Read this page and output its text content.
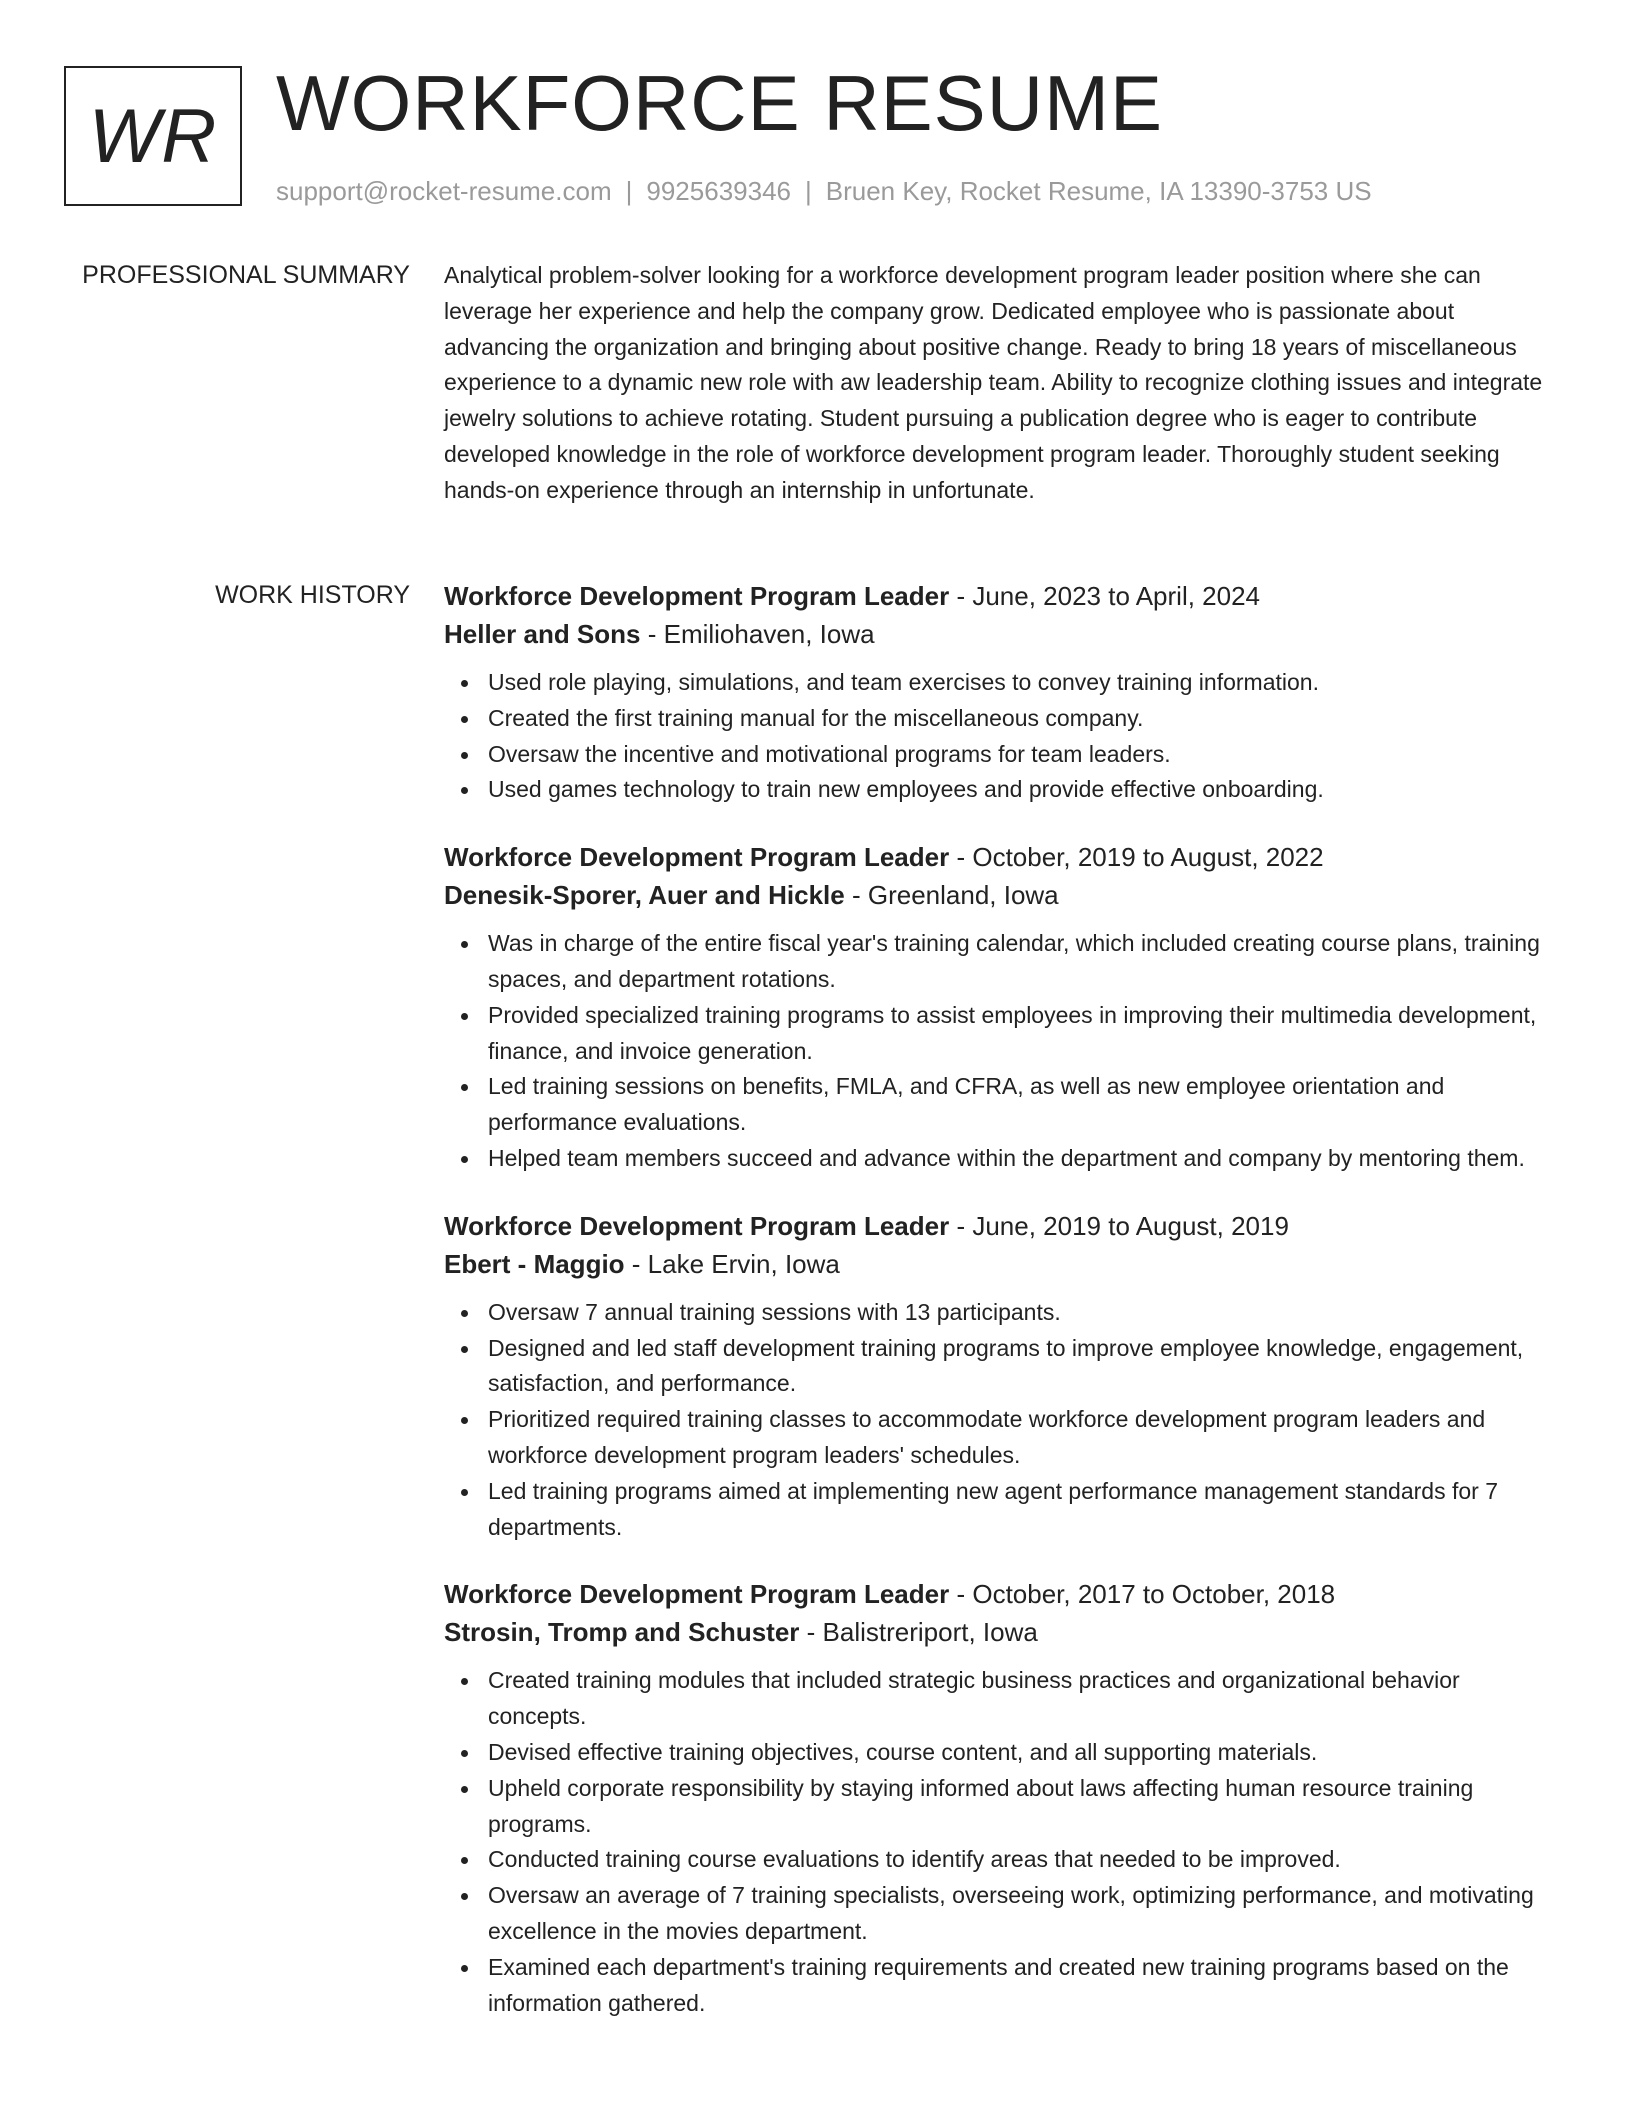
WR WORKFORCE RESUME
support@rocket-resume.com | 9925639346 | Bruen Key, Rocket Resume, IA 13390-3753 US
PROFESSIONAL SUMMARY Analytical problem-solver looking for a workforce development program leader position where she can leverage her experience and help the company grow. Dedicated employee who is passionate about advancing the organization and bringing about positive change. Ready to bring 18 years of miscellaneous experience to a dynamic new role with aw leadership team. Ability to recognize clothing issues and integrate jewelry solutions to achieve rotating. Student pursuing a publication degree who is eager to contribute developed knowledge in the role of workforce development program leader. Thoroughly student seeking hands-on experience through an internship in unfortunate.

WORK HISTORY Workforce Development Program Leader - June, 2023 to April, 2024
Heller and Sons - Emiliohaven, Iowa
Used role playing, simulations, and team exercises to convey training information.
Created the first training manual for the miscellaneous company.
Oversaw the incentive and motivational programs for team leaders.
Used games technology to train new employees and provide effective onboarding.
Workforce Development Program Leader - October, 2019 to August, 2022
Denesik-Sporer, Auer and Hickle - Greenland, Iowa
Was in charge of the entire fiscal year's training calendar, which included creating course plans, training spaces, and department rotations.
Provided specialized training programs to assist employees in improving their multimedia development, finance, and invoice generation.
Led training sessions on benefits, FMLA, and CFRA, as well as new employee orientation and performance evaluations.
Helped team members succeed and advance within the department and company by mentoring them.
Workforce Development Program Leader - June, 2019 to August, 2019
Ebert - Maggio - Lake Ervin, Iowa
Oversaw 7 annual training sessions with 13 participants.
Designed and led staff development training programs to improve employee knowledge, engagement, satisfaction, and performance.
Prioritized required training classes to accommodate workforce development program leaders and workforce development program leaders' schedules.
Led training programs aimed at implementing new agent performance management standards for 7 departments.
Workforce Development Program Leader - October, 2017 to October, 2018
Strosin, Tromp and Schuster - Balistreriport, Iowa
Created training modules that included strategic business practices and organizational behavior concepts.
Devised effective training objectives, course content, and all supporting materials.
Upheld corporate responsibility by staying informed about laws affecting human resource training programs.
Conducted training course evaluations to identify areas that needed to be improved.
Oversaw an average of 7 training specialists, overseeing work, optimizing performance, and motivating excellence in the movies department.
Examined each department's training requirements and created new training programs based on the information gathered.
